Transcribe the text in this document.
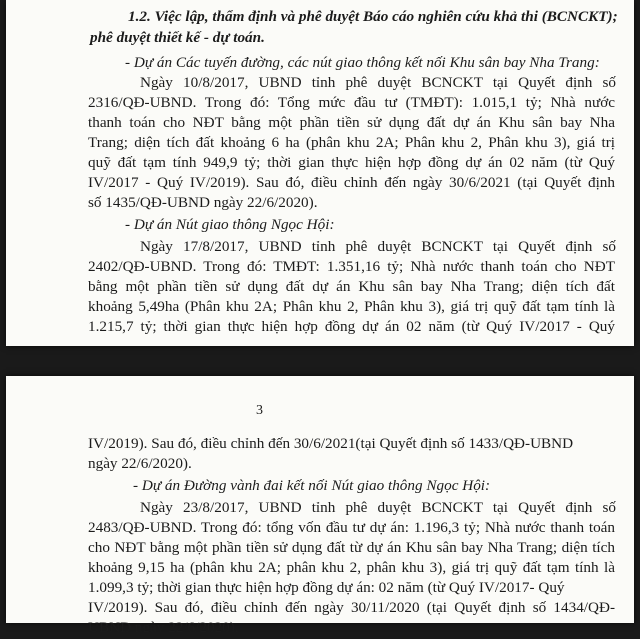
1.2. Việc lập, thẩm định và phê duyệt Báo cáo nghiên cứu khả thi (BCNCKT);

phê duyệt thiết kế - dự toán.

- Dự án Các tuyến đường, các nút giao thông kết nối Khu sân bay Nha Trang:

Ngày 10/8/2017, UBND tỉnh phê duyệt BCNCKT tại Quyết định số

2316/QĐ-UBND. Trong đó: Tổng mức đầu tư (TMĐT): 1.015,1 tỷ; Nhà nước

thanh toán cho NĐT bằng một phần tiền sử dụng đất dự án Khu sân bay Nha

Trang; diện tích đất khoảng 6 ha (phân khu 2A; Phân khu 2, Phân khu 3), giá trị

quỹ đất tạm tính 949,9 tỷ; thời gian thực hiện hợp đồng dự án 02 năm (từ Quý

IV/2017 - Quý IV/2019). Sau đó, điều chỉnh đến ngày 30/6/2021 (tại Quyết định

số 1435/QĐ-UBND ngày 22/6/2020).

- Dự án Nút giao thông Ngọc Hội:

Ngày 17/8/2017, UBND tỉnh phê duyệt BCNCKT tại Quyết định số

2402/QĐ-UBND. Trong đó: TMĐT: 1.351,16 tỷ; Nhà nước thanh toán cho NĐT

bằng một phần tiền sử dụng đất dự án Khu sân bay Nha Trang; diện tích đất

khoảng 5,49ha (Phân khu 2A; Phân khu 2, Phân khu 3), giá trị quỹ đất tạm tính là

1.215,7 tỷ; thời gian thực hiện hợp đồng dự án 02 năm (từ Quý IV/2017 - Quý

3

IV/2019). Sau đó, điều chỉnh đến 30/6/2021(tại Quyết định số 1433/QĐ-UBND

ngày 22/6/2020).

- Dự án Đường vành đai kết nối Nút giao thông Ngọc Hội:

Ngày 23/8/2017, UBND tỉnh phê duyệt BCNCKT tại Quyết định số

2483/QĐ-UBND. Trong đó: tổng vốn đầu tư dự án: 1.196,3 tỷ; Nhà nước thanh toán

cho NĐT bằng một phần tiền sử dụng đất từ dự án Khu sân bay Nha Trang; diện tích

khoảng 9,15 ha (phân khu 2A; phân khu 2, phân khu 3), giá trị quỹ đất tạm tính là

1.099,3 tỷ; thời gian thực hiện hợp đồng dự án: 02 năm (từ Quý IV/2017- Quý

IV/2019). Sau đó, điều chỉnh đến ngày 30/11/2020 (tại Quyết định số 1434/QĐ-

UBND ngày 22/6/2020).
